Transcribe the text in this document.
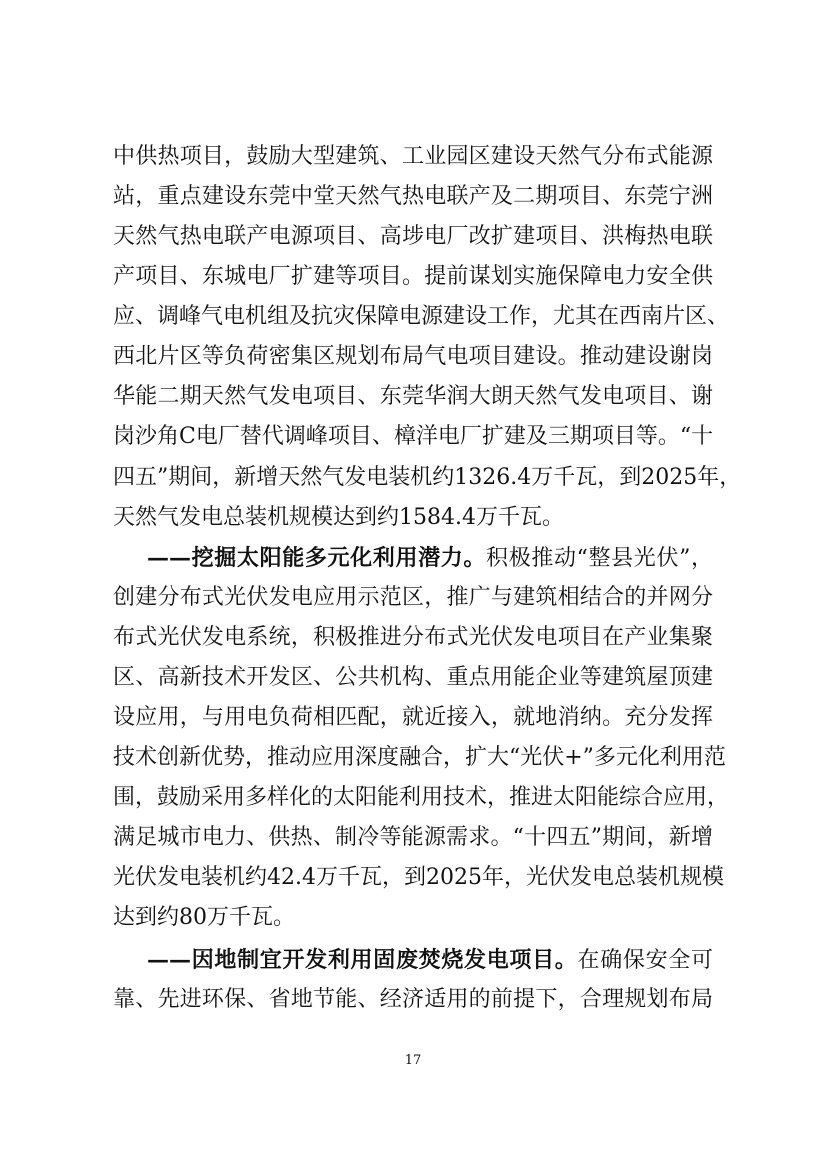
中供热项目，鼓励大型建筑、工业园区建设天然气分布式能源
站，重点建设东莞中堂天然气热电联产及二期项目、东莞宁洲
天然气热电联产电源项目、高埗电厂改扩建项目、洪梅热电联
产项目、东城电厂扩建等项目。提前谋划实施保障电力安全供
应、调峰气电机组及抗灾保障电源建设工作，尤其在西南片区、
西北片区等负荷密集区规划布局气电项目建设。推动建设谢岗
华能二期天然气发电项目、东莞华润大朗天然气发电项目、谢
岗沙角C电厂替代调峰项目、樟洋电厂扩建及三期项目等。“十
四五”期间，新增天然气发电装机约1326.4万千瓦，到2025年，
天然气发电总装机规模达到约1584.4万千瓦。
——挖掘太阳能多元化利用潜力。积极推动“整县光伏”，
创建分布式光伏发电应用示范区，推广与建筑相结合的并网分
布式光伏发电系统，积极推进分布式光伏发电项目在产业集聚
区、高新技术开发区、公共机构、重点用能企业等建筑屋顶建
设应用，与用电负荷相匹配，就近接入，就地消纳。充分发挥
技术创新优势，推动应用深度融合，扩大“光伏+”多元化利用范
围，鼓励采用多样化的太阳能利用技术，推进太阳能综合应用，
满足城市电力、供热、制冷等能源需求。“十四五”期间，新增
光伏发电装机约42.4万千瓦，到2025年，光伏发电总装机规模
达到约80万千瓦。
——因地制宜开发利用固废焚烧发电项目。在确保安全可
靠、先进环保、省地节能、经济适用的前提下，合理规划布局
17
